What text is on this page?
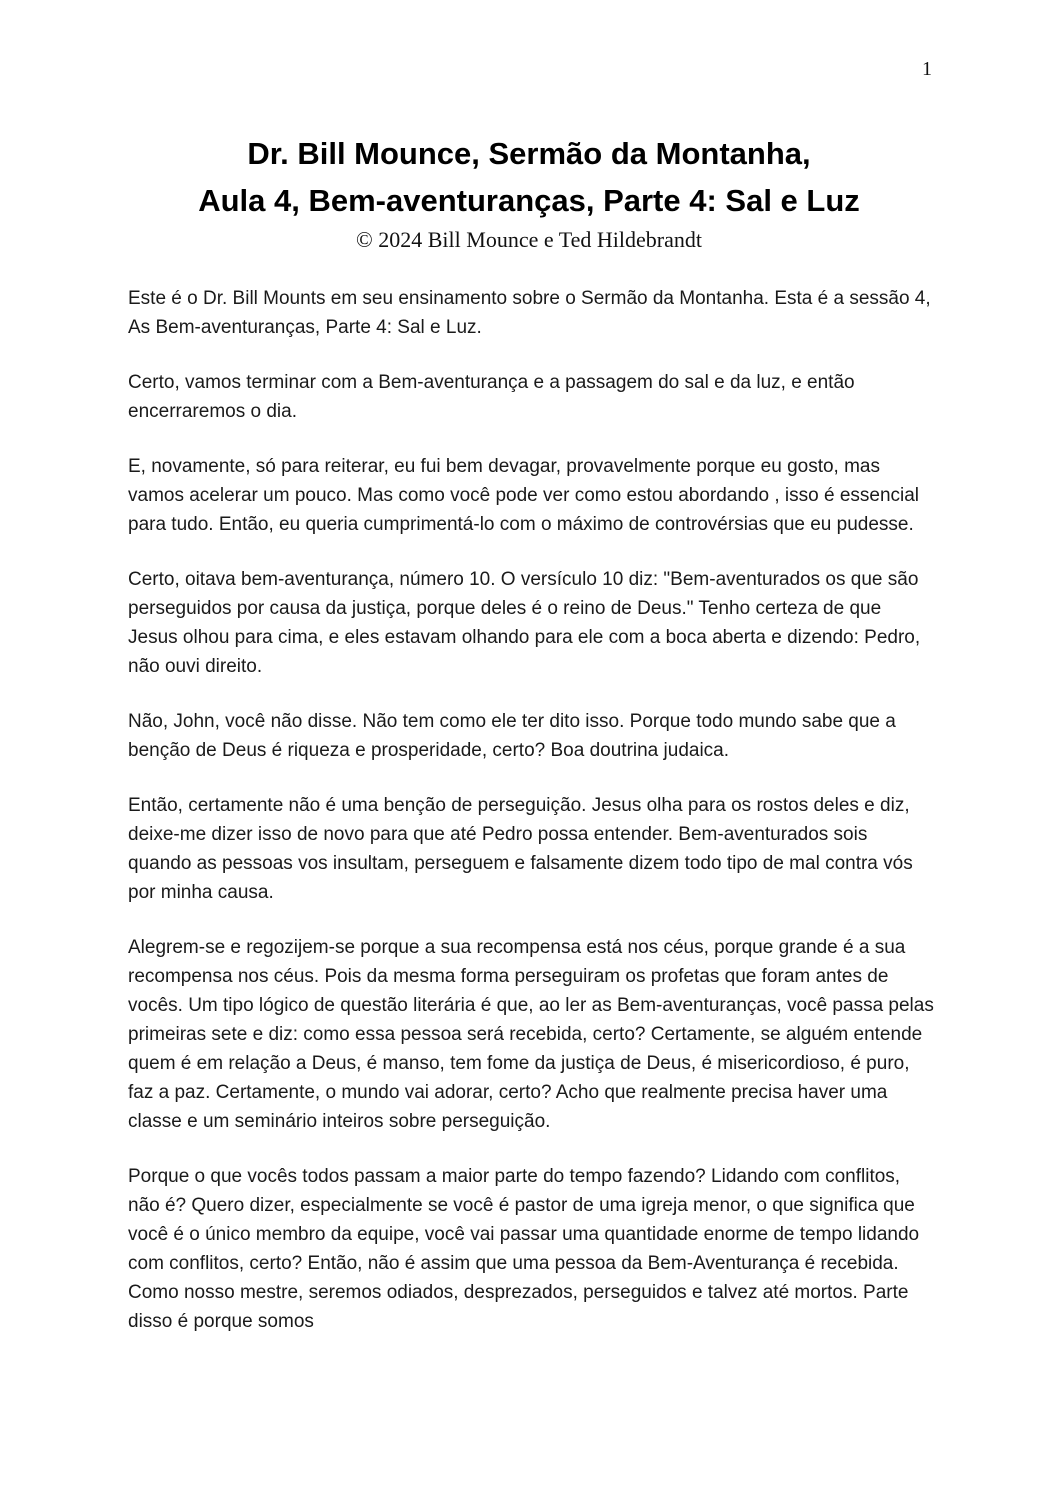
1
Dr. Bill Mounce, Sermão da Montanha,
Aula 4, Bem-aventuranças, Parte 4: Sal e Luz
© 2024 Bill Mounce e Ted Hildebrandt

Este é o Dr. Bill Mounts em seu ensinamento sobre o Sermão da Montanha. Esta é a sessão 4, As Bem-aventuranças, Parte 4: Sal e Luz.

Certo, vamos terminar com a Bem-aventurança e a passagem do sal e da luz, e então encerraremos o dia.

E, novamente, só para reiterar, eu fui bem devagar, provavelmente porque eu gosto, mas vamos acelerar um pouco. Mas como você pode ver como estou abordando , isso é essencial para tudo. Então, eu queria cumprimentá-lo com o máximo de controvérsias que eu pudesse.

Certo, oitava bem-aventurança, número 10. O versículo 10 diz: "Bem-aventurados os que são perseguidos por causa da justiça, porque deles é o reino de Deus." Tenho certeza de que Jesus olhou para cima, e eles estavam olhando para ele com a boca aberta e dizendo: Pedro, não ouvi direito.

Não, John, você não disse. Não tem como ele ter dito isso. Porque todo mundo sabe que a benção de Deus é riqueza e prosperidade, certo? Boa doutrina judaica.

Então, certamente não é uma benção de perseguição. Jesus olha para os rostos deles e diz, deixe-me dizer isso de novo para que até Pedro possa entender. Bem-aventurados sois quando as pessoas vos insultam, perseguem e falsamente dizem todo tipo de mal contra vós por minha causa.

Alegrem-se e regozijem-se porque a sua recompensa está nos céus, porque grande é a sua recompensa nos céus. Pois da mesma forma perseguiram os profetas que foram antes de vocês. Um tipo lógico de questão literária é que, ao ler as Bem-aventuranças, você passa pelas primeiras sete e diz: como essa pessoa será recebida, certo? Certamente, se alguém entende quem é em relação a Deus, é manso, tem fome da justiça de Deus, é misericordioso, é puro, faz a paz. Certamente, o mundo vai adorar, certo? Acho que realmente precisa haver uma classe e um seminário inteiros sobre perseguição.

Porque o que vocês todos passam a maior parte do tempo fazendo? Lidando com conflitos, não é? Quero dizer, especialmente se você é pastor de uma igreja menor, o que significa que você é o único membro da equipe, você vai passar uma quantidade enorme de tempo lidando com conflitos, certo? Então, não é assim que uma pessoa da Bem-Aventurança é recebida. Como nosso mestre, seremos odiados, desprezados, perseguidos e talvez até mortos. Parte disso é porque somos
